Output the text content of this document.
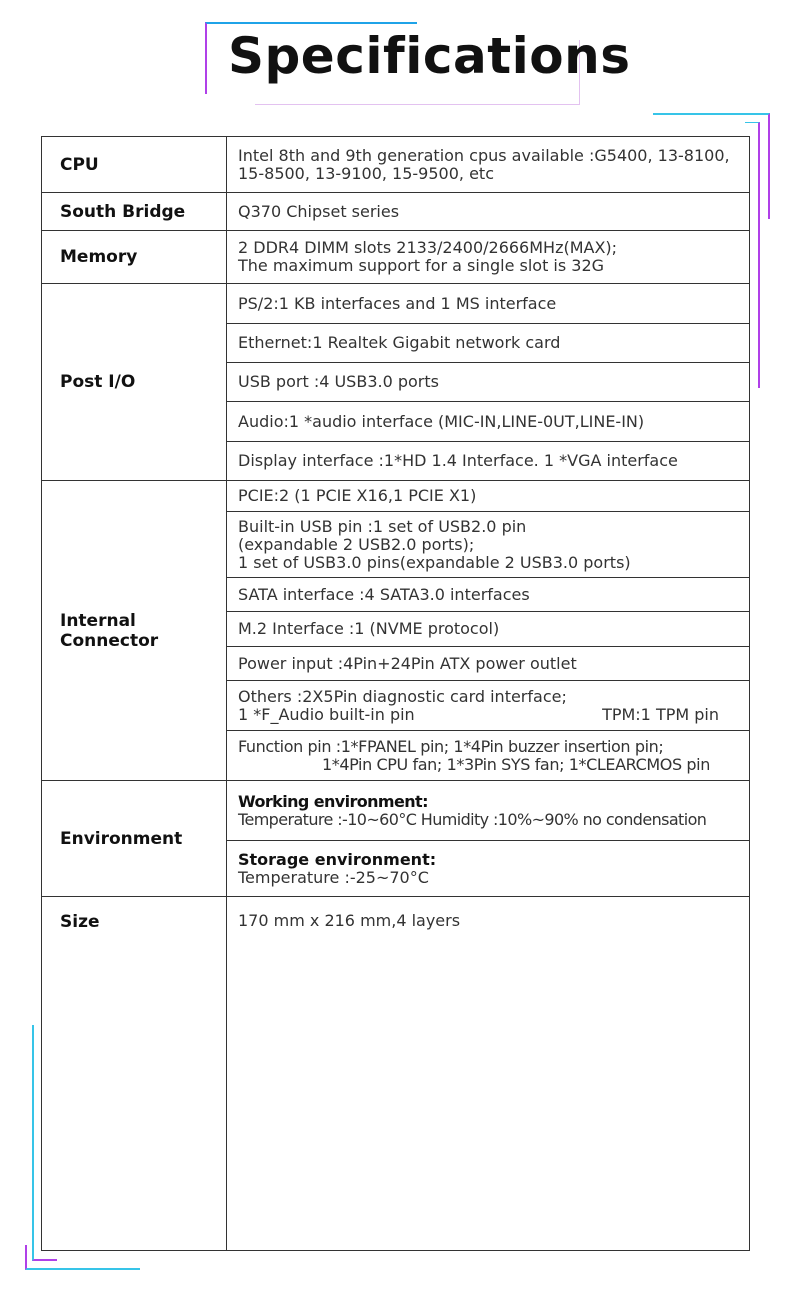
Specifications
CPU	Intel 8th and 9th generation cpus available :G5400, 13-8100,
15-8500, 13-9100, 15-9500, etc

South Bridge	Q370 Chipset series
Memory	2 DDR4 DIMM slots 2133/2400/2666MHz(MAX);
The maximum support for a single slot is 32G

Post I/O	PS/2:1 KB interfaces and 1 MS interface
	Ethernet:1 Realtek Gigabit network card
	USB port :4 USB3.0 ports
	Audio:1 *audio interface (MIC-IN,LINE-0UT,LINE-IN)
	Display interface :1*HD 1.4 Interface. 1 *VGA interface
Internal Connector	PCIE:2 (1 PCIE X16,1 PCIE X1)

	Built-in USB pin :1 set of USB2.0 pin
(expandable 2 USB2.0 ports);
1 set of USB3.0 pins(expandable 2 USB3.0 ports)

	SATA interface :4 SATA3.0 interfaces
	M.2 Interface :1 (NVME protocol)
	Power input :4Pin+24Pin ATX power outlet

	Others :2X5Pin diagnostic card interface;
1 *F_Audio built-in pin TPM:1 TPM pin

	Function pin :1*FPANEL pin; 1*4Pin buzzer insertion pin;
1*4Pin CPU fan; 1*3Pin SYS fan; 1*CLEARCMOS pin

Environment	Working environment:
Temperature :-10~60°C Humidity :10%~90% no condensation

	Storage environment:
Temperature :-25~70°C

Size	170 mm x 216 mm,4 layers
